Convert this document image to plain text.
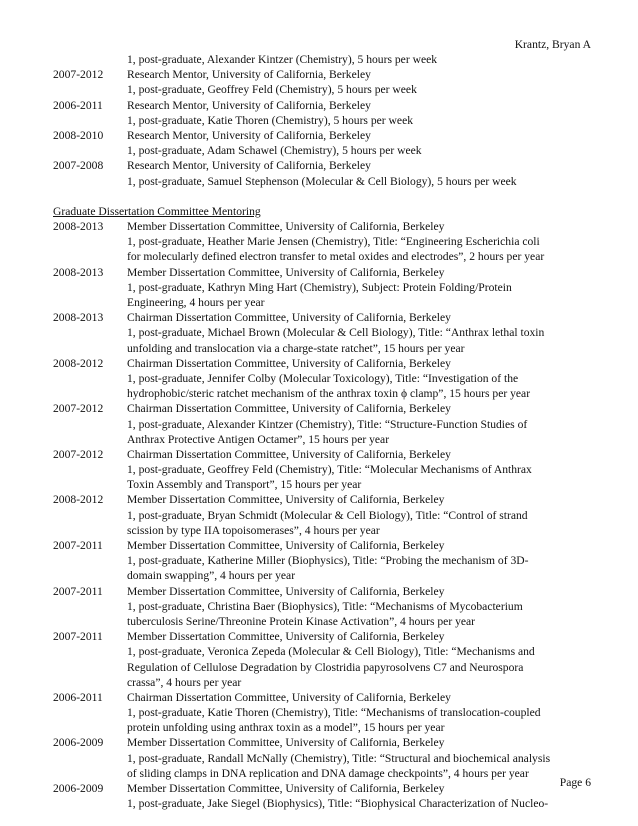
Krantz, Bryan A
1, post-graduate, Alexander Kintzer (Chemistry), 5 hours per week
2007-2012 Research Mentor, University of California, Berkeley
1, post-graduate, Geoffrey Feld (Chemistry), 5 hours per week
2006-2011 Research Mentor, University of California, Berkeley
1, post-graduate, Katie Thoren (Chemistry), 5 hours per week
2008-2010 Research Mentor, University of California, Berkeley
1, post-graduate, Adam Schawel (Chemistry), 5 hours per week
2007-2008 Research Mentor, University of California, Berkeley
1, post-graduate, Samuel Stephenson (Molecular & Cell Biology), 5 hours per week
Graduate Dissertation Committee Mentoring
2008-2013 Member Dissertation Committee, University of California, Berkeley
1, post-graduate, Heather Marie Jensen (Chemistry), Title: “Engineering Escherichia coli
for molecularly defined electron transfer to metal oxides and electrodes”, 2 hours per year
2008-2013 Member Dissertation Committee, University of California, Berkeley
1, post-graduate, Kathryn Ming Hart (Chemistry), Subject: Protein Folding/Protein
Engineering, 4 hours per year
2008-2013 Chairman Dissertation Committee, University of California, Berkeley
1, post-graduate, Michael Brown (Molecular & Cell Biology), Title: “Anthrax lethal toxin
unfolding and translocation via a charge-state ratchet”, 15 hours per year
2008-2012 Chairman Dissertation Committee, University of California, Berkeley
1, post-graduate, Jennifer Colby (Molecular Toxicology), Title: “Investigation of the
hydrophobic/steric ratchet mechanism of the anthrax toxin ϕ clamp”, 15 hours per year
2007-2012 Chairman Dissertation Committee, University of California, Berkeley
1, post-graduate, Alexander Kintzer (Chemistry), Title: “Structure-Function Studies of
Anthrax Protective Antigen Octamer”, 15 hours per year
2007-2012 Chairman Dissertation Committee, University of California, Berkeley
1, post-graduate, Geoffrey Feld (Chemistry), Title: “Molecular Mechanisms of Anthrax
Toxin Assembly and Transport”, 15 hours per year
2008-2012 Member Dissertation Committee, University of California, Berkeley
1, post-graduate, Bryan Schmidt (Molecular & Cell Biology), Title: “Control of strand
scission by type IIA topoisomerases”, 4 hours per year
2007-2011 Member Dissertation Committee, University of California, Berkeley
1, post-graduate, Katherine Miller (Biophysics), Title: “Probing the mechanism of 3D-
domain swapping”, 4 hours per year
2007-2011 Member Dissertation Committee, University of California, Berkeley
1, post-graduate, Christina Baer (Biophysics), Title: “Mechanisms of Mycobacterium
tuberculosis Serine/Threonine Protein Kinase Activation”, 4 hours per year
2007-2011 Member Dissertation Committee, University of California, Berkeley
1, post-graduate, Veronica Zepeda (Molecular & Cell Biology), Title: “Mechanisms and
Regulation of Cellulose Degradation by Clostridia papyrosolvens C7 and Neurospora
crassa”, 4 hours per year
2006-2011 Chairman Dissertation Committee, University of California, Berkeley
1, post-graduate, Katie Thoren (Chemistry), Title: “Mechanisms of translocation-coupled
protein unfolding using anthrax toxin as a model”, 15 hours per year
2006-2009 Member Dissertation Committee, University of California, Berkeley
1, post-graduate, Randall McNally (Chemistry), Title: “Structural and biochemical analysis
of sliding clamps in DNA replication and DNA damage checkpoints”, 4 hours per year
2006-2009 Member Dissertation Committee, University of California, Berkeley
1, post-graduate, Jake Siegel (Biophysics), Title: “Biophysical Characterization of Nucleo-
Page 6
